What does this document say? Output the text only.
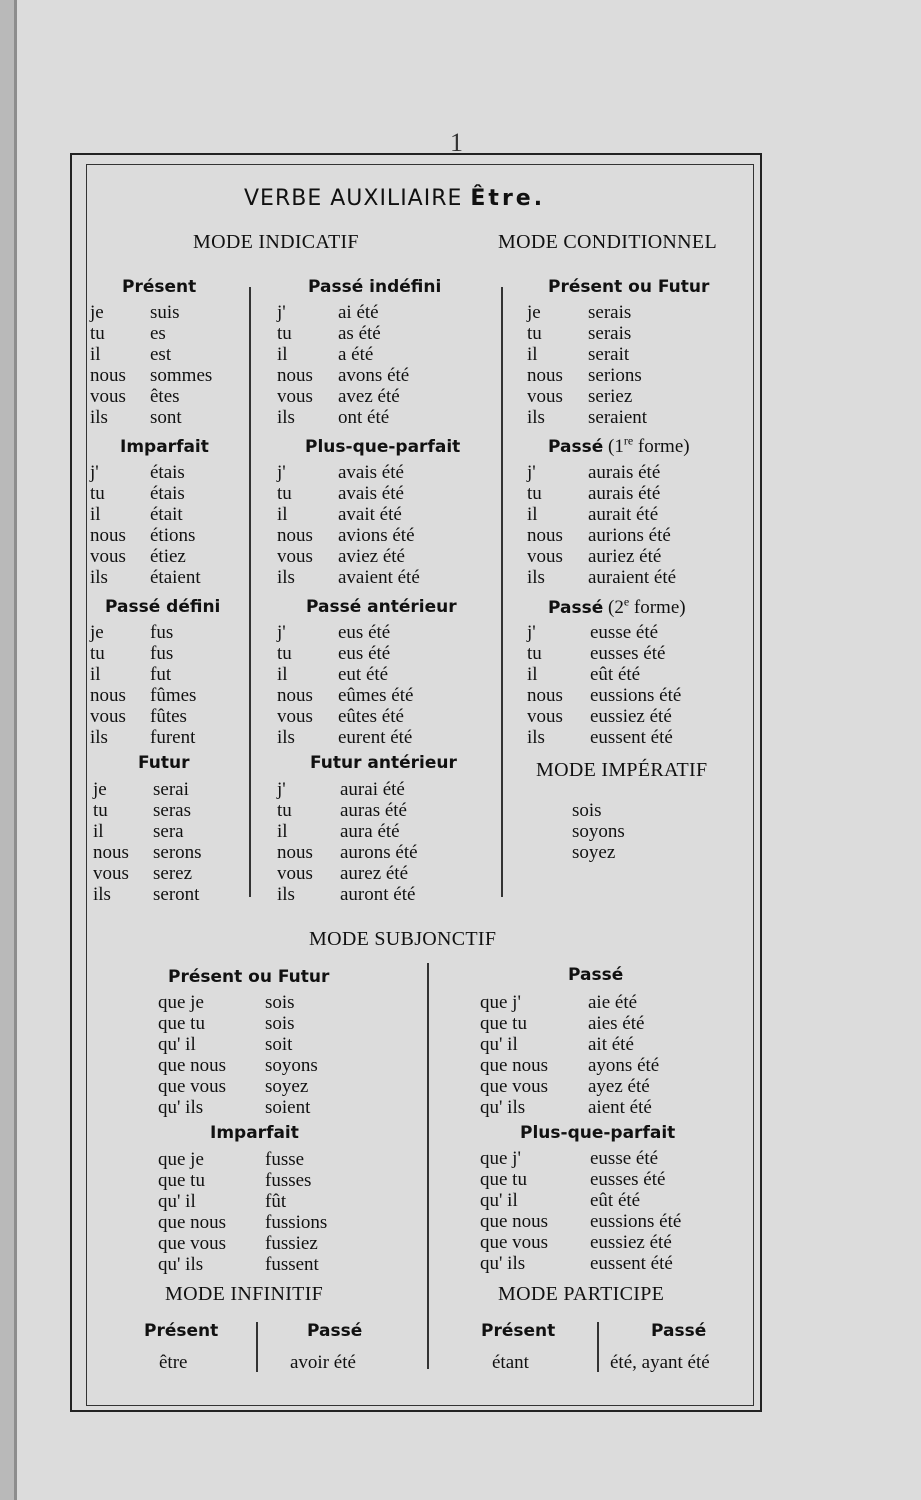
1
VERBE AUXILIAIRE Être.
MODE INDICATIF	MODE CONDITIONNEL
MODE IMPÉRATIF
MODE SUBJONCTIF
MODE INFINITIF	MODE PARTICIPE
Présent
je suis
tu es
il	est
nous sommes
vous êtes
ils sont
Imparfait
j'	étais
tu étais
il	était
nous étions
vous étiez
ils étaient
Passé défini
je fus
tu fus
il	fut
nous fûmes
vous fûtes
ils furent
Futur
je serai
tu seras
il	sera
nous serons
vous serez
ils seront
Passé indéfini
j'	ai été
tu as été
il	a été
nous avons été
vous avez été
ils ont été
Plus-que-parfait
j'	avais été
tu avais été
il	avait été
nous avions été
vous aviez été
ils avaient été
Passé antérieur
j'	eus été
tu eus été
il	eut été
nous eûmes été
vous eûtes été
ils eurent été
Futur antérieur
j'	aurai été
tu	auras été
il	aura été
nous aurons été
vous aurez été
ils auront été
Présent ou Futur
je serais
tu serais
il	serait
nous serions
vous seriez
ils seraient
Passé (1re forme)
j'	aurais été
tu aurais été
il	aurait été
nous aurions été
vous auriez été
ils auraient été
Passé (2e forme)
j'	eusse été
tu	eusses été
il	eût été
nous eussions été
vous eussiez été
ils eussent été
Présent ou Futur
que je	sois
que tu	sois
qu' il	soit
que nous soyons
que vous soyez
qu' ils	soient
Imparfait
que je	fusse
que tu	fusses
qu' il	fût
que nous fussions
que vous fussiez
qu' ils	fussent
Passé
que j'	aie été
que tu	aies été
qu' il	ait été
que nous ayons été
que vous ayez été
qu' ils	aient été
Plus-que-parfait
que j'	eusse été
que tu	eusses été
qu' il	eût été
que nous eussions été
que vous eussiez été
qu' ils	eussent été
sois
soyons
soyez
Présent
être
Passé
avoir été
Présent
étant
Passé
été, ayant été
